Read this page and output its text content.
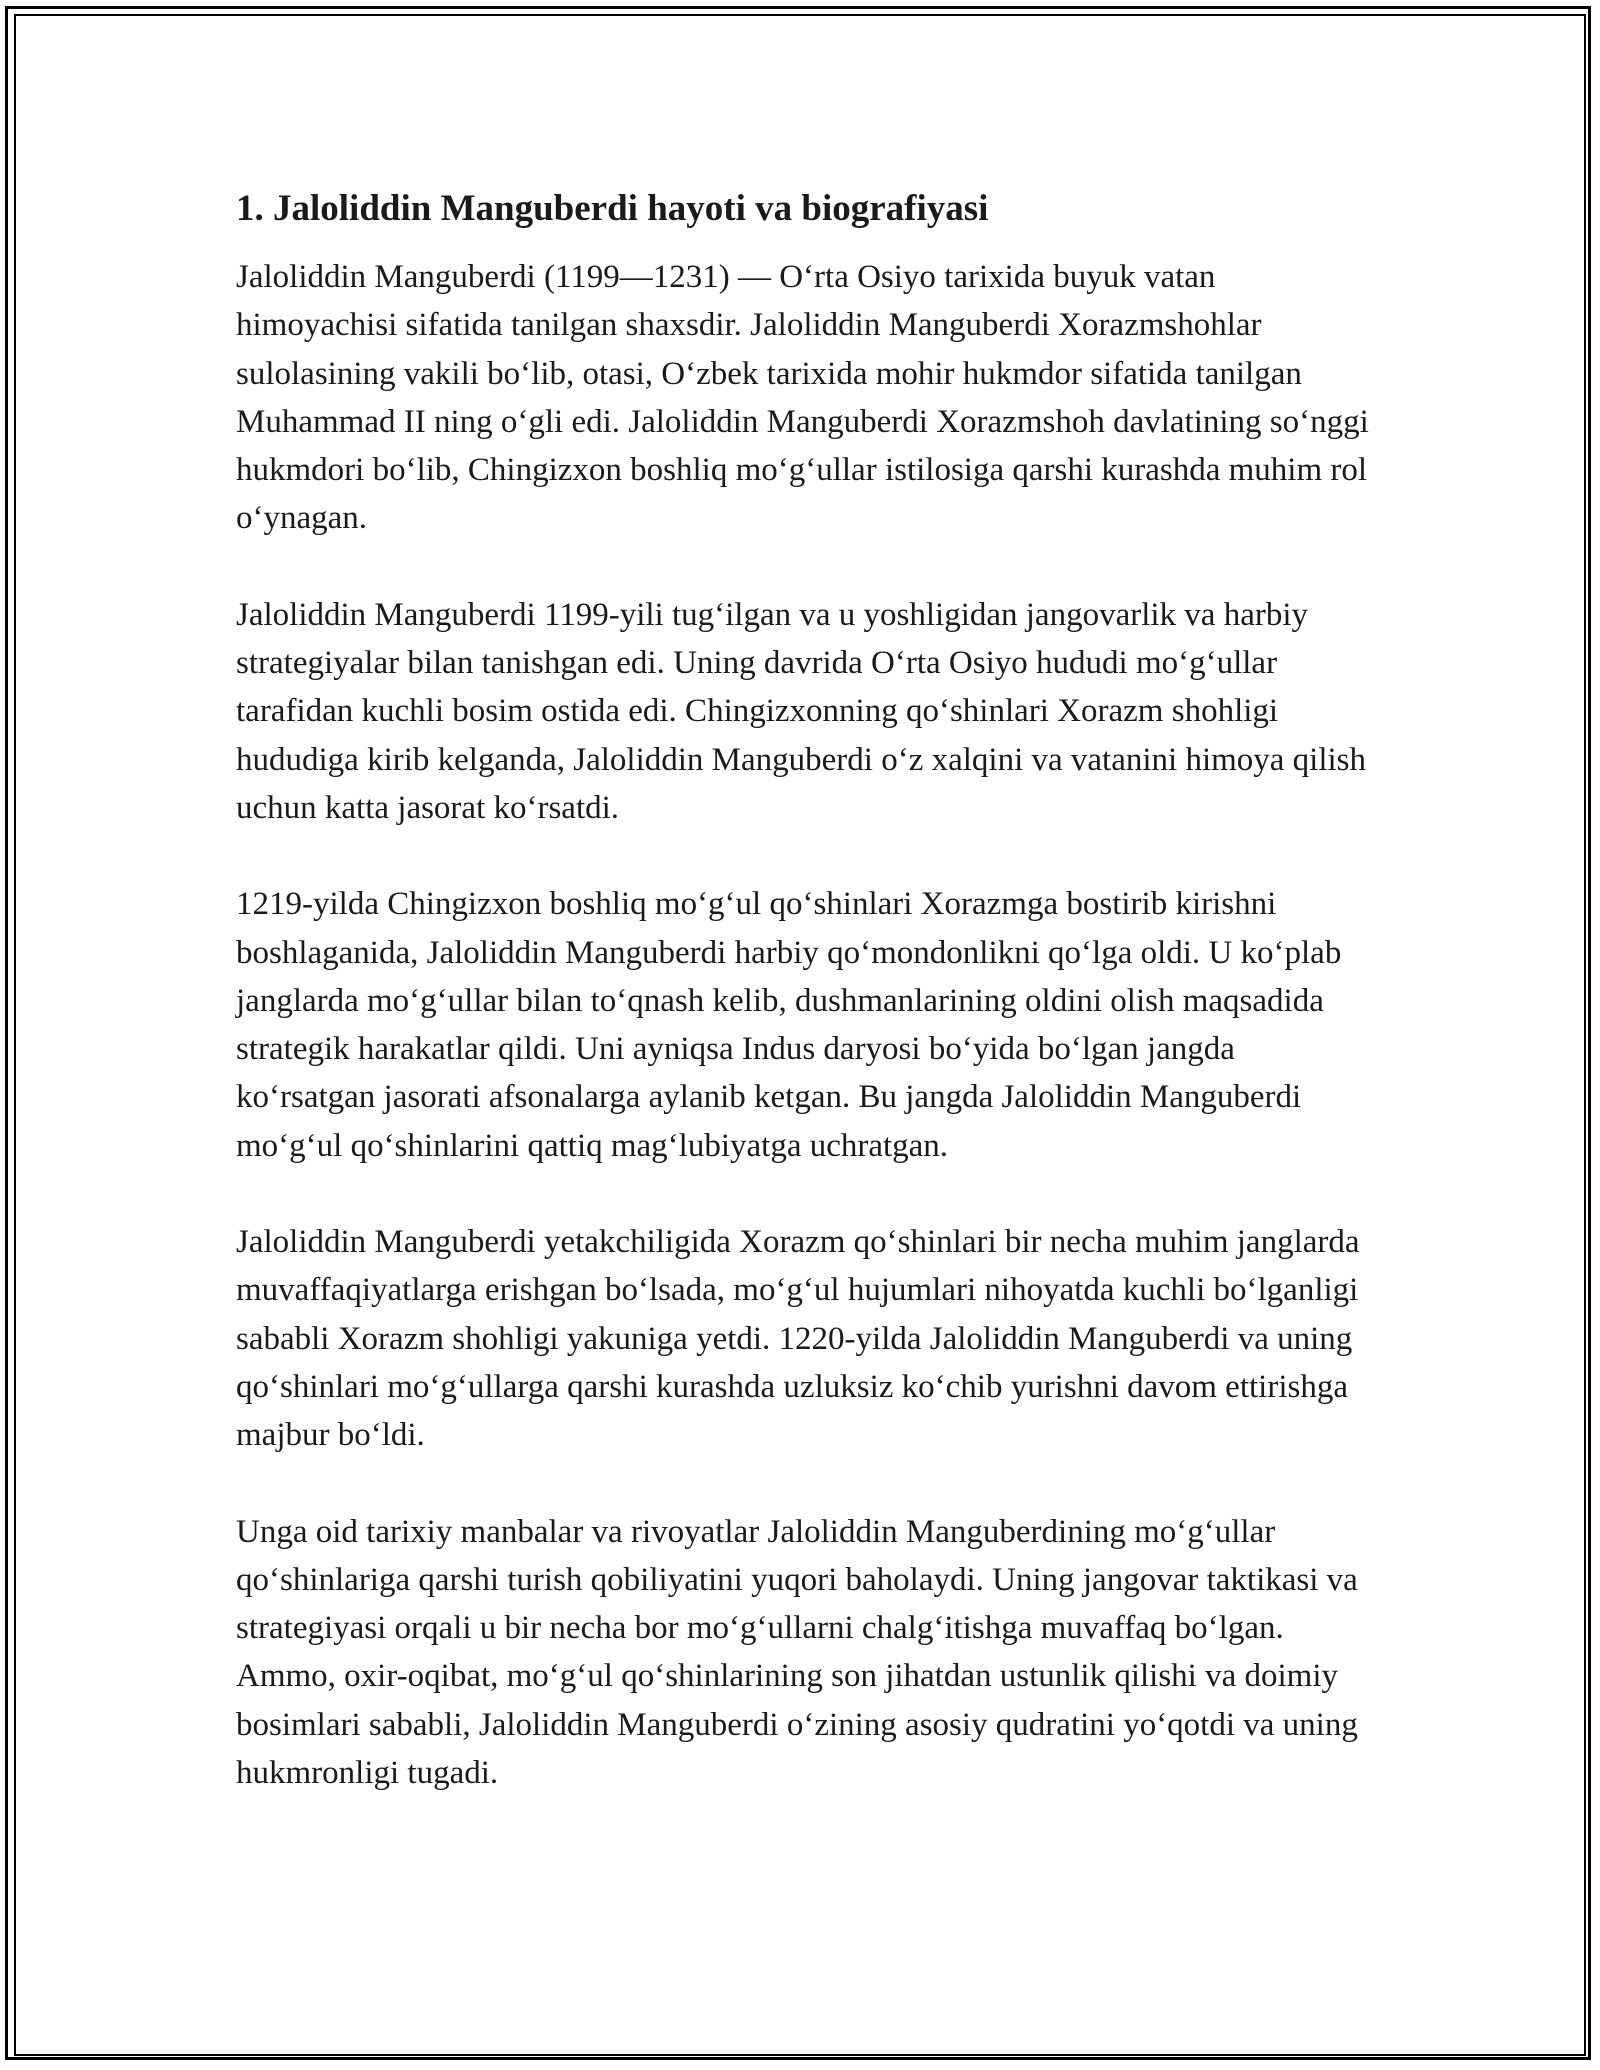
1. Jaloliddin Manguberdi hayoti va biografiyasi

Jaloliddin Manguberdi (1199—1231) — O‘rta Osiyo tarixida buyuk vatan himoyachisi sifatida tanilgan shaxsdir. Jaloliddin Manguberdi Xorazmshohlar sulolasining vakili bo‘lib, otasi, O‘zbek tarixida mohir hukmdor sifatida tanilgan Muhammad II ning o‘gli edi. Jaloliddin Manguberdi Xorazmshoh davlatining so‘nggi hukmdori bo‘lib, Chingizxon boshliq mo‘g‘ullar istilosiga qarshi kurashda muhim rol o‘ynagan.

Jaloliddin Manguberdi 1199-yili tug‘ilgan va u yoshligidan jangovarlik va harbiy strategiyalar bilan tanishgan edi. Uning davrida O‘rta Osiyo hududi mo‘g‘ullar tarafidan kuchli bosim ostida edi. Chingizxonning qo‘shinlari Xorazm shohligi hududiga kirib kelganda, Jaloliddin Manguberdi o‘z xalqini va vatanini himoya qilish uchun katta jasorat ko‘rsatdi.

1219-yilda Chingizxon boshliq mo‘g‘ul qo‘shinlari Xorazmga bostirib kirishni boshlaganida, Jaloliddin Manguberdi harbiy qo‘mondonlikni qo‘lga oldi. U ko‘plab janglarda mo‘g‘ullar bilan to‘qnash kelib, dushmanlarining oldini olish maqsadida strategik harakatlar qildi. Uni ayniqsa Indus daryosi bo‘yida bo‘lgan jangda ko‘rsatgan jasorati afsonalarga aylanib ketgan. Bu jangda Jaloliddin Manguberdi mo‘g‘ul qo‘shinlarini qattiq mag‘lubiyatga uchratgan.

Jaloliddin Manguberdi yetakchiligida Xorazm qo‘shinlari bir necha muhim janglarda muvaffaqiyatlarga erishgan bo‘lsada, mo‘g‘ul hujumlari nihoyatda kuchli bo‘lganligi sababli Xorazm shohligi yakuniga yetdi. 1220-yilda Jaloliddin Manguberdi va uning qo‘shinlari mo‘g‘ullarga qarshi kurashda uzluksiz ko‘chib yurishni davom ettirishga majbur bo‘ldi.

Unga oid tarixiy manbalar va rivoyatlar Jaloliddin Manguberdining mo‘g‘ullar qo‘shinlariga qarshi turish qobiliyatini yuqori baholaydi. Uning jangovar taktikasi va strategiyasi orqali u bir necha bor mo‘g‘ullarni chalg‘itishga muvaffaq bo‘lgan. Ammo, oxir-oqibat, mo‘g‘ul qo‘shinlarining son jihatdan ustunlik qilishi va doimiy bosimlari sababli, Jaloliddin Manguberdi o‘zining asosiy qudratini yo‘qotdi va uning hukmronligi tugadi.
